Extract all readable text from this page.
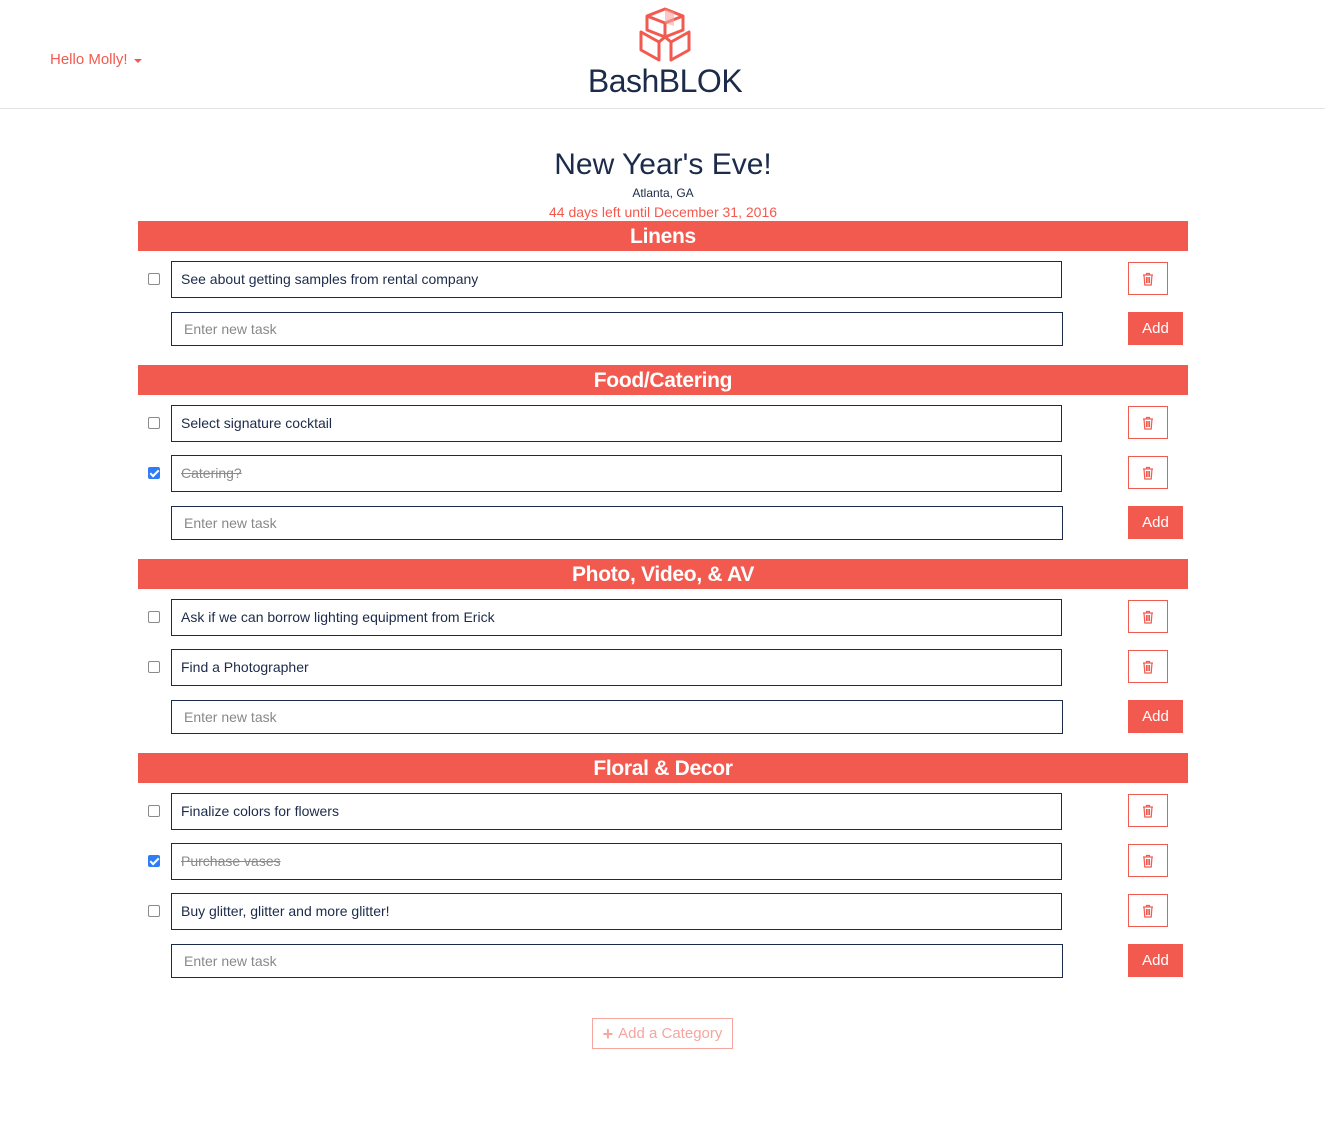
Hello Molly!
BashBLOK
New Year's Eve!
Atlanta, GA
44 days left until December 31, 2016
Linens
See about getting samples from rental company
Enter new task
Add
Food/Catering
Select signature cocktail
Catering?
Enter new task
Add
Photo, Video, & AV
Ask if we can borrow lighting equipment from Erick
Find a Photographer
Enter new task
Add
Floral & Decor
Finalize colors for flowers
Purchase vases
Buy glitter, glitter and more glitter!
Enter new task
Add
+ Add a Category
